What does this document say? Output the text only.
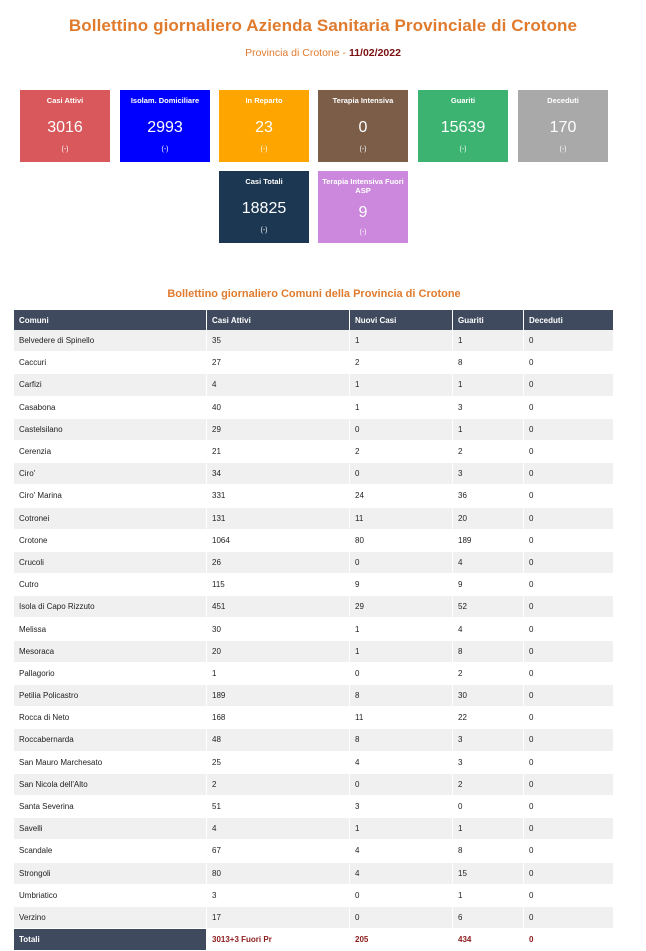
Bollettino giornaliero Azienda Sanitaria Provinciale di Crotone
Provincia di Crotone - 11/02/2022
Casi Attivi
3016
(-)
Isolam. Domiciliare
2993
(-)
In Reparto
23
(-)
Terapia Intensiva
0
(-)
Guariti
15639
(-)
Deceduti
170
(-)
Casi Totali
18825
(-)
Terapia Intensiva Fuori ASP
9
(-)
Bollettino giornaliero Comuni della Provincia di Crotone
Comuni	Casi Attivi	Nuovi Casi	Guariti	Deceduti
Belvedere di Spinello	35	1	1	0
Caccuri	27	2	8	0
Carfizi	4	1	1	0
Casabona	40	1	3	0
Castelsilano	29	0	1	0
Cerenzia	21	2	2	0
Ciro'	34	0	3	0
Ciro' Marina	331	24	36	0
Cotronei	131	11	20	0
Crotone	1064	80	189	0
Crucoli	26	0	4	0
Cutro	115	9	9	0
Isola di Capo Rizzuto	451	29	52	0
Melissa	30	1	4	0
Mesoraca	20	1	8	0
Pallagorio	1	0	2	0
Petilia Policastro	189	8	30	0
Rocca di Neto	168	11	22	0
Roccabernarda	48	8	3	0
San Mauro Marchesato	25	4	3	0
San Nicola dell'Alto	2	0	2	0
Santa Severina	51	3	0	0
Savelli	4	1	1	0
Scandale	67	4	8	0
Strongoli	80	4	15	0
Umbriatico	3	0	1	0
Verzino	17	0	6	0
Totali	3013+3 Fuori Pr	205	434	0
